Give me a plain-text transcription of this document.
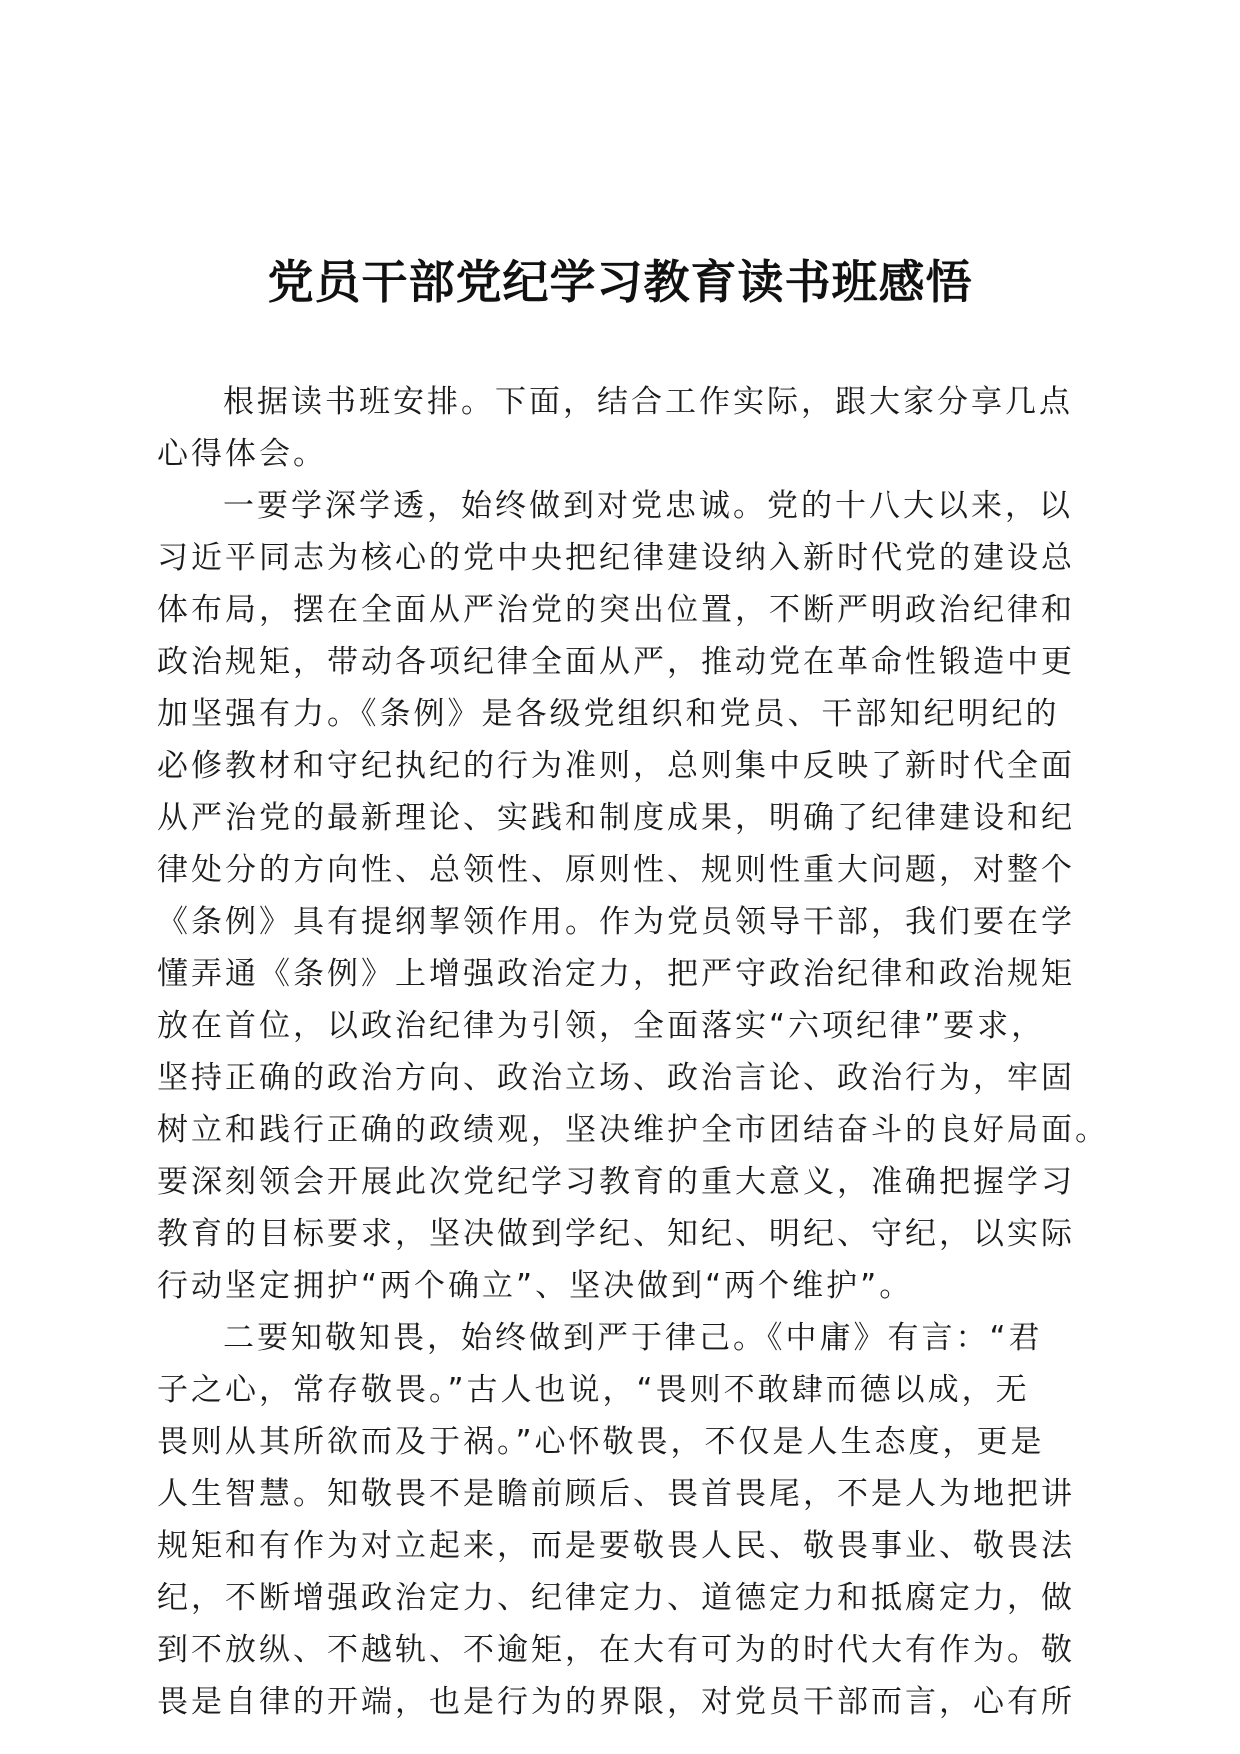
党员干部党纪学习教育读书班感悟
根据读书班安排。下面，结合工作实际，跟大家分享几点
心得体会。
一要学深学透，始终做到对党忠诚。党的十八大以来，以
习近平同志为核心的党中央把纪律建设纳入新时代党的建设总
体布局，摆在全面从严治党的突出位置，不断严明政治纪律和
政治规矩，带动各项纪律全面从严，推动党在革命性锻造中更
加坚强有力。《条例》是各级党组织和党员、干部知纪明纪的
必修教材和守纪执纪的行为准则，总则集中反映了新时代全面
从严治党的最新理论、实践和制度成果，明确了纪律建设和纪
律处分的方向性、总领性、原则性、规则性重大问题，对整个
《条例》具有提纲挈领作用。作为党员领导干部，我们要在学
懂弄通《条例》上增强政治定力，把严守政治纪律和政治规矩
放在首位，以政治纪律为引领，全面落实“六项纪律”要求，
坚持正确的政治方向、政治立场、政治言论、政治行为，牢固
树立和践行正确的政绩观，坚决维护全市团结奋斗的良好局面。
要深刻领会开展此次党纪学习教育的重大意义，准确把握学习
教育的目标要求，坚决做到学纪、知纪、明纪、守纪，以实际
行动坚定拥护“两个确立”、坚决做到“两个维护”。
二要知敬知畏，始终做到严于律己。《中庸》有言：“君
子之心，常存敬畏。”古人也说，“畏则不敢肆而德以成，无
畏则从其所欲而及于祸。”心怀敬畏，不仅是人生态度，更是
人生智慧。知敬畏不是瞻前顾后、畏首畏尾，不是人为地把讲
规矩和有作为对立起来，而是要敬畏人民、敬畏事业、敬畏法
纪，不断增强政治定力、纪律定力、道德定力和抵腐定力，做
到不放纵、不越轨、不逾矩，在大有可为的时代大有作为。敬
畏是自律的开端，也是行为的界限，对党员干部而言，心有所
